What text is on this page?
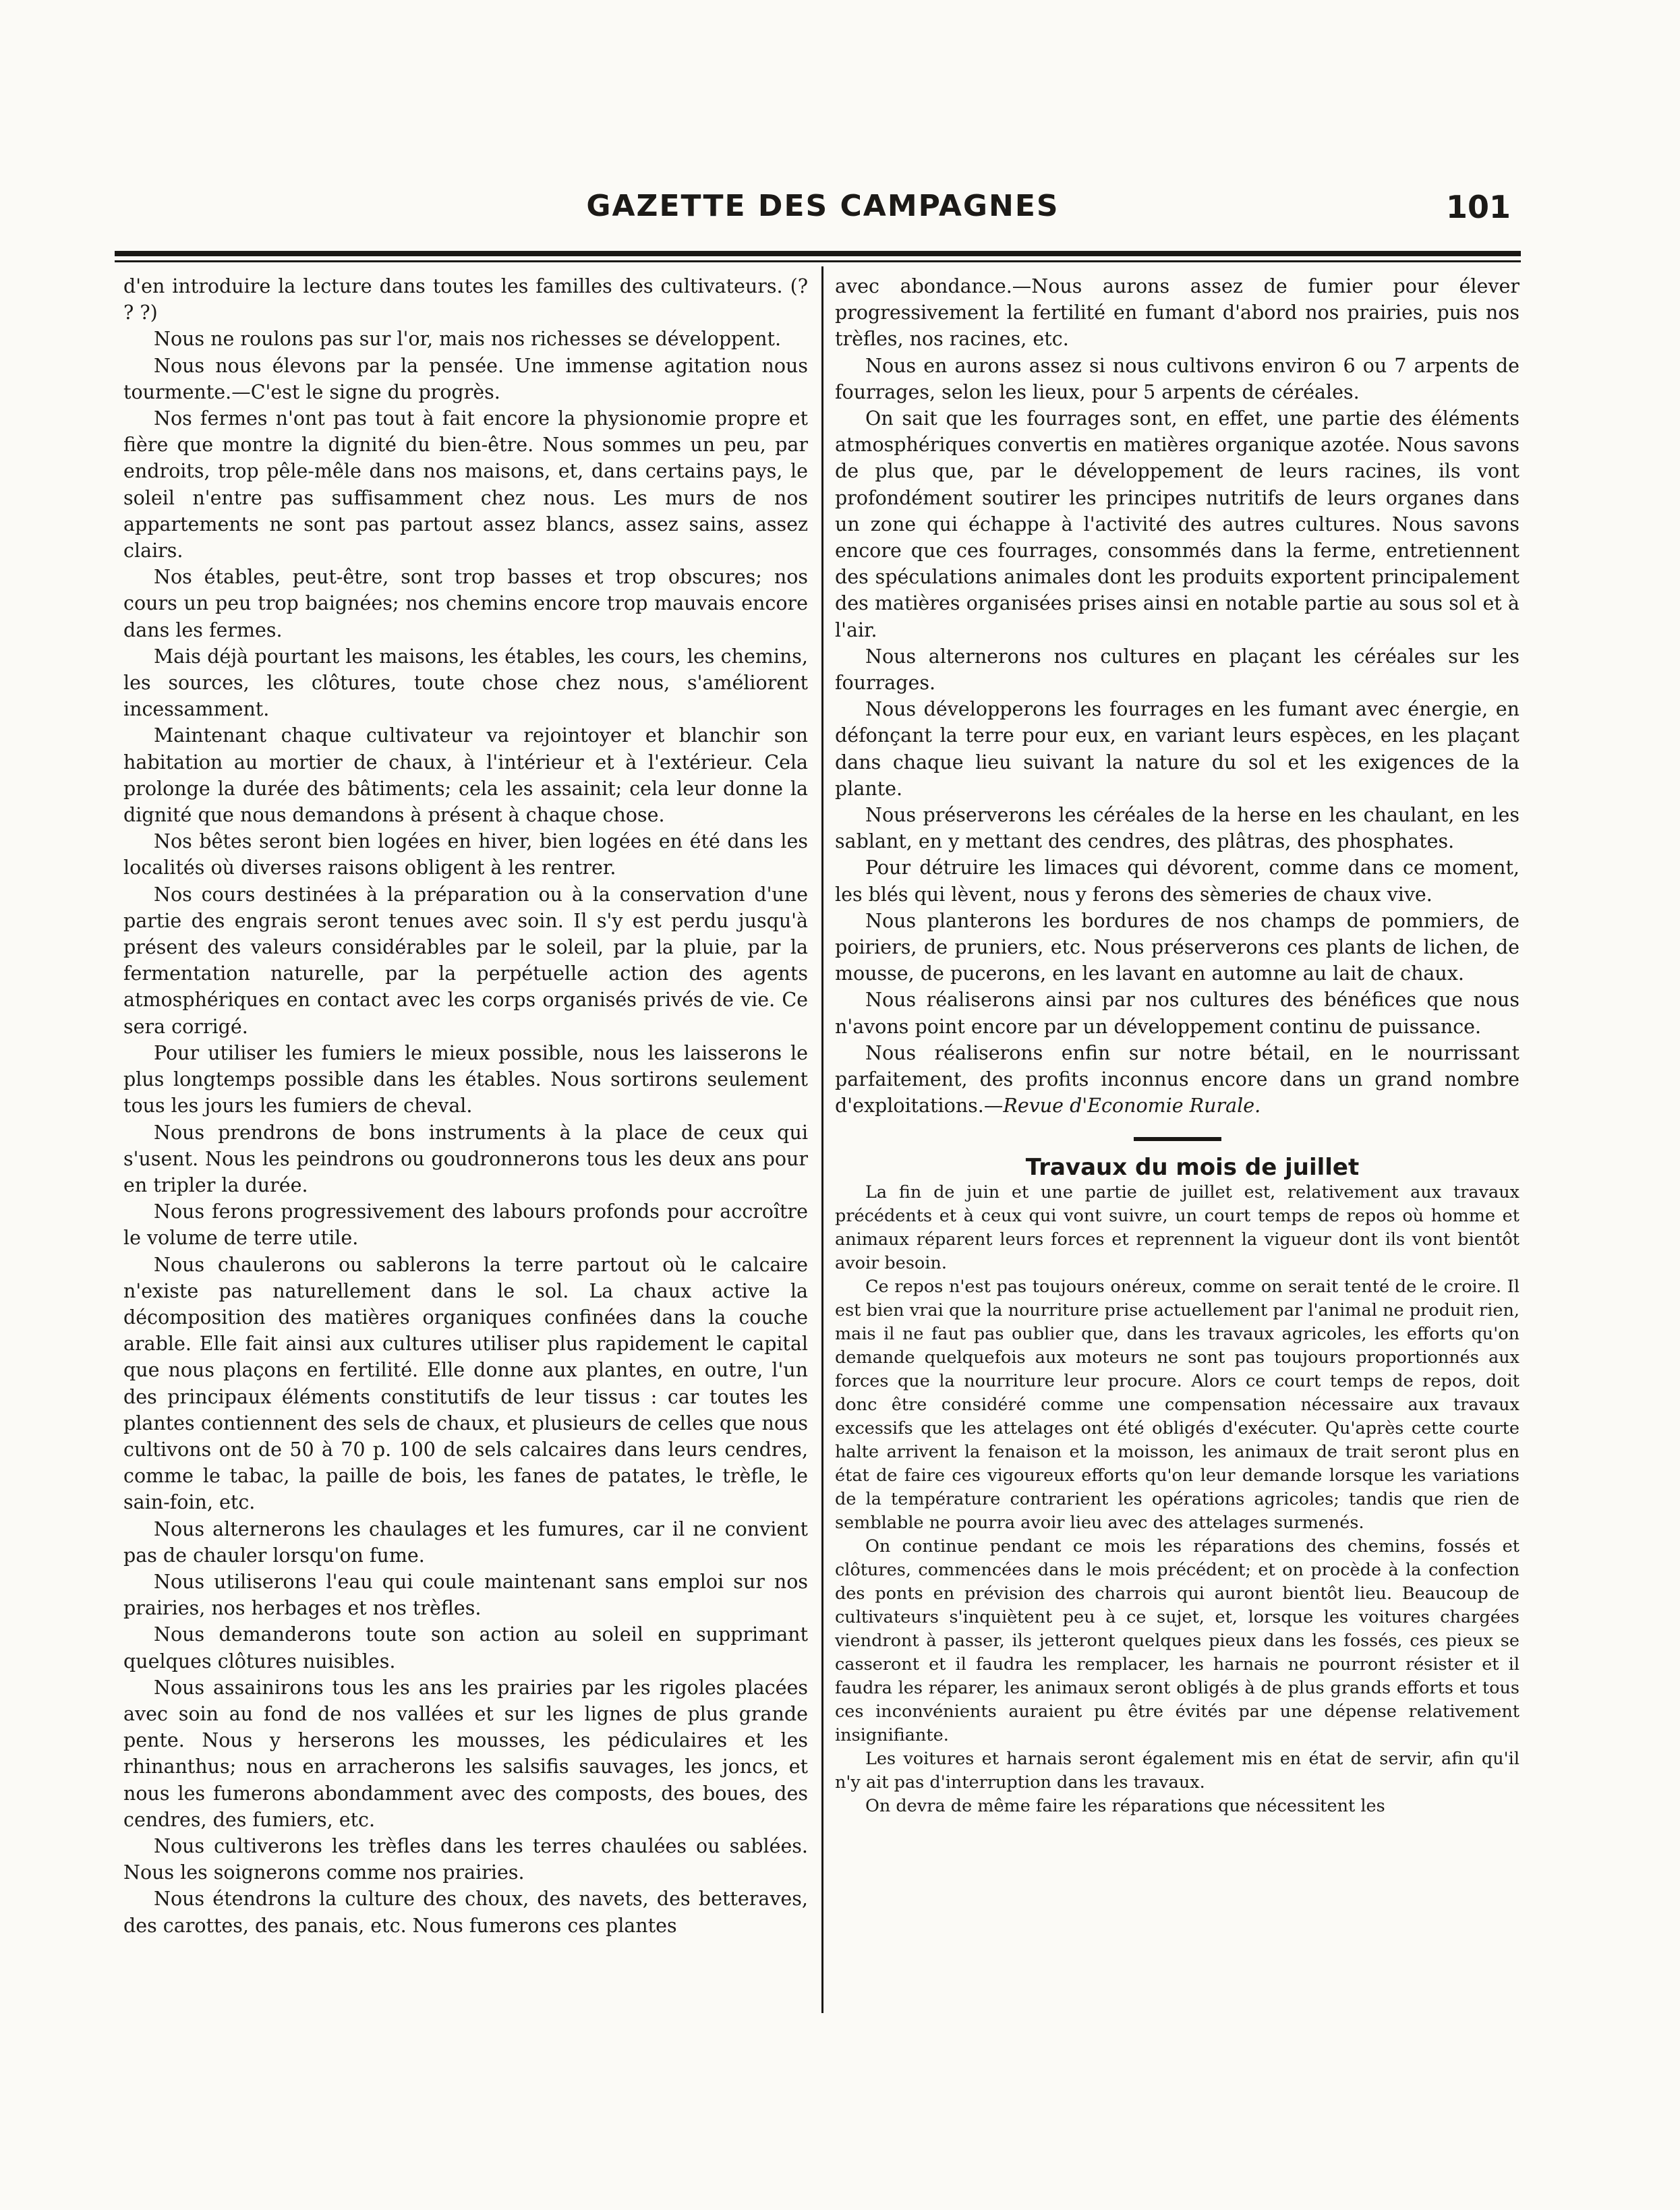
GAZETTE DES CAMPAGNES	101

d'en introduire la lecture dans toutes les familles des cultivateurs. (? ? ?)

Nous ne roulons pas sur l'or, mais nos richesses se développent.

Nous nous élevons par la pensée. Une immense agitation nous tourmente.—C'est le signe du progrès.

Nos fermes n'ont pas tout à fait encore la physionomie propre et fière que montre la dignité du bien-être. Nous sommes un peu, par endroits, trop pêle-mêle dans nos maisons, et, dans certains pays, le soleil n'entre pas suffisamment chez nous. Les murs de nos appartements ne sont pas partout assez blancs, assez sains, assez clairs.

Nos étables, peut-être, sont trop basses et trop obscures; nos cours un peu trop baignées; nos chemins encore trop mauvais encore dans les fermes.

Mais déjà pourtant les maisons, les étables, les cours, les chemins, les sources, les clôtures, toute chose chez nous, s'améliorent incessamment.

Maintenant chaque cultivateur va rejointoyer et blanchir son habitation au mortier de chaux, à l'intérieur et à l'extérieur. Cela prolonge la durée des bâtiments; cela les assainit; cela leur donne la dignité que nous demandons à présent à chaque chose.

Nos bêtes seront bien logées en hiver, bien logées en été dans les localités où diverses raisons obligent à les rentrer.

Nos cours destinées à la préparation ou à la conservation d'une partie des engrais seront tenues avec soin. Il s'y est perdu jusqu'à présent des valeurs considérables par le soleil, par la pluie, par la fermentation naturelle, par la perpétuelle action des agents atmosphériques en contact avec les corps organisés privés de vie. Ce sera corrigé.

Pour utiliser les fumiers le mieux possible, nous les laisserons le plus longtemps possible dans les étables. Nous sortirons seulement tous les jours les fumiers de cheval.

Nous prendrons de bons instruments à la place de ceux qui s'usent. Nous les peindrons ou goudronnerons tous les deux ans pour en tripler la durée.

Nous ferons progressivement des labours profonds pour accroître le volume de terre utile.

Nous chaulerons ou sablerons la terre partout où le calcaire n'existe pas naturellement dans le sol. La chaux active la décomposition des matières organiques confinées dans la couche arable. Elle fait ainsi aux cultures utiliser plus rapidement le capital que nous plaçons en fertilité. Elle donne aux plantes, en outre, l'un des principaux éléments constitutifs de leur tissus : car toutes les plantes contiennent des sels de chaux, et plusieurs de celles que nous cultivons ont de 50 à 70 p. 100 de sels calcaires dans leurs cendres, comme le tabac, la paille de bois, les fanes de patates, le trèfle, le sain-foin, etc.

Nous alternerons les chaulages et les fumures, car il ne convient pas de chauler lorsqu'on fume.

Nous utiliserons l'eau qui coule maintenant sans emploi sur nos prairies, nos herbages et nos trèfles.

Nous demanderons toute son action au soleil en supprimant quelques clôtures nuisibles.

Nous assainirons tous les ans les prairies par les rigoles placées avec soin au fond de nos vallées et sur les lignes de plus grande pente. Nous y herserons les mousses, les pédiculaires et les rhinanthus; nous en arracherons les salsifis sauvages, les joncs, et nous les fumerons abondamment avec des composts, des boues, des cendres, des fumiers, etc.

Nous cultiverons les trèfles dans les terres chaulées ou sablées. Nous les soignerons comme nos prairies.

Nous étendrons la culture des choux, des navets, des betteraves, des carottes, des panais, etc. Nous fumerons ces plantes

avec abondance.—Nous aurons assez de fumier pour élever progressivement la fertilité en fumant d'abord nos prairies, puis nos trèfles, nos racines, etc.

Nous en aurons assez si nous cultivons environ 6 ou 7 arpents de fourrages, selon les lieux, pour 5 arpents de céréales.

On sait que les fourrages sont, en effet, une partie des éléments atmosphériques convertis en matières organique azotée. Nous savons de plus que, par le développement de leurs racines, ils vont profondément soutirer les principes nutritifs de leurs organes dans un zone qui échappe à l'activité des autres cultures. Nous savons encore que ces fourrages, consommés dans la ferme, entretiennent des spéculations animales dont les produits exportent principalement des matières organisées prises ainsi en notable partie au sous sol et à l'air.

Nous alternerons nos cultures en plaçant les céréales sur les fourrages.

Nous développerons les fourrages en les fumant avec énergie, en défonçant la terre pour eux, en variant leurs espèces, en les plaçant dans chaque lieu suivant la nature du sol et les exigences de la plante.

Nous préserverons les céréales de la herse en les chaulant, en les sablant, en y mettant des cendres, des plâtras, des phosphates.

Pour détruire les limaces qui dévorent, comme dans ce moment, les blés qui lèvent, nous y ferons des sèmeries de chaux vive.

Nous planterons les bordures de nos champs de pommiers, de poiriers, de pruniers, etc. Nous préserverons ces plants de lichen, de mousse, de pucerons, en les lavant en automne au lait de chaux.

Nous réaliserons ainsi par nos cultures des bénéfices que nous n'avons point encore par un développement continu de puissance.

Nous réaliserons enfin sur notre bétail, en le nourrissant parfaitement, des profits inconnus encore dans un grand nombre d'exploitations.—Revue d'Economie Rurale.

Travaux du mois de juillet

La fin de juin et une partie de juillet est, relativement aux travaux précédents et à ceux qui vont suivre, un court temps de repos où homme et animaux réparent leurs forces et reprennent la vigueur dont ils vont bientôt avoir besoin.

Ce repos n'est pas toujours onéreux, comme on serait tenté de le croire. Il est bien vrai que la nourriture prise actuellement par l'animal ne produit rien, mais il ne faut pas oublier que, dans les travaux agricoles, les efforts qu'on demande quelquefois aux moteurs ne sont pas toujours proportionnés aux forces que la nourriture leur procure. Alors ce court temps de repos, doit donc être considéré comme une compensation nécessaire aux travaux excessifs que les attelages ont été obligés d'exécuter. Qu'après cette courte halte arrivent la fenaison et la moisson, les animaux de trait seront plus en état de faire ces vigoureux efforts qu'on leur demande lorsque les variations de la température contrarient les opérations agricoles; tandis que rien de semblable ne pourra avoir lieu avec des attelages surmenés.

On continue pendant ce mois les réparations des chemins, fossés et clôtures, commencées dans le mois précédent; et on procède à la confection des ponts en prévision des charrois qui auront bientôt lieu. Beaucoup de cultivateurs s'inquiètent peu à ce sujet, et, lorsque les voitures chargées viendront à passer, ils jetteront quelques pieux dans les fossés, ces pieux se casseront et il faudra les remplacer, les harnais ne pourront résister et il faudra les réparer, les animaux seront obligés à de plus grands efforts et tous ces inconvénients auraient pu être évités par une dépense relativement insignifiante.

Les voitures et harnais seront également mis en état de servir, afin qu'il n'y ait pas d'interruption dans les travaux.

On devra de même faire les réparations que nécessitent les
